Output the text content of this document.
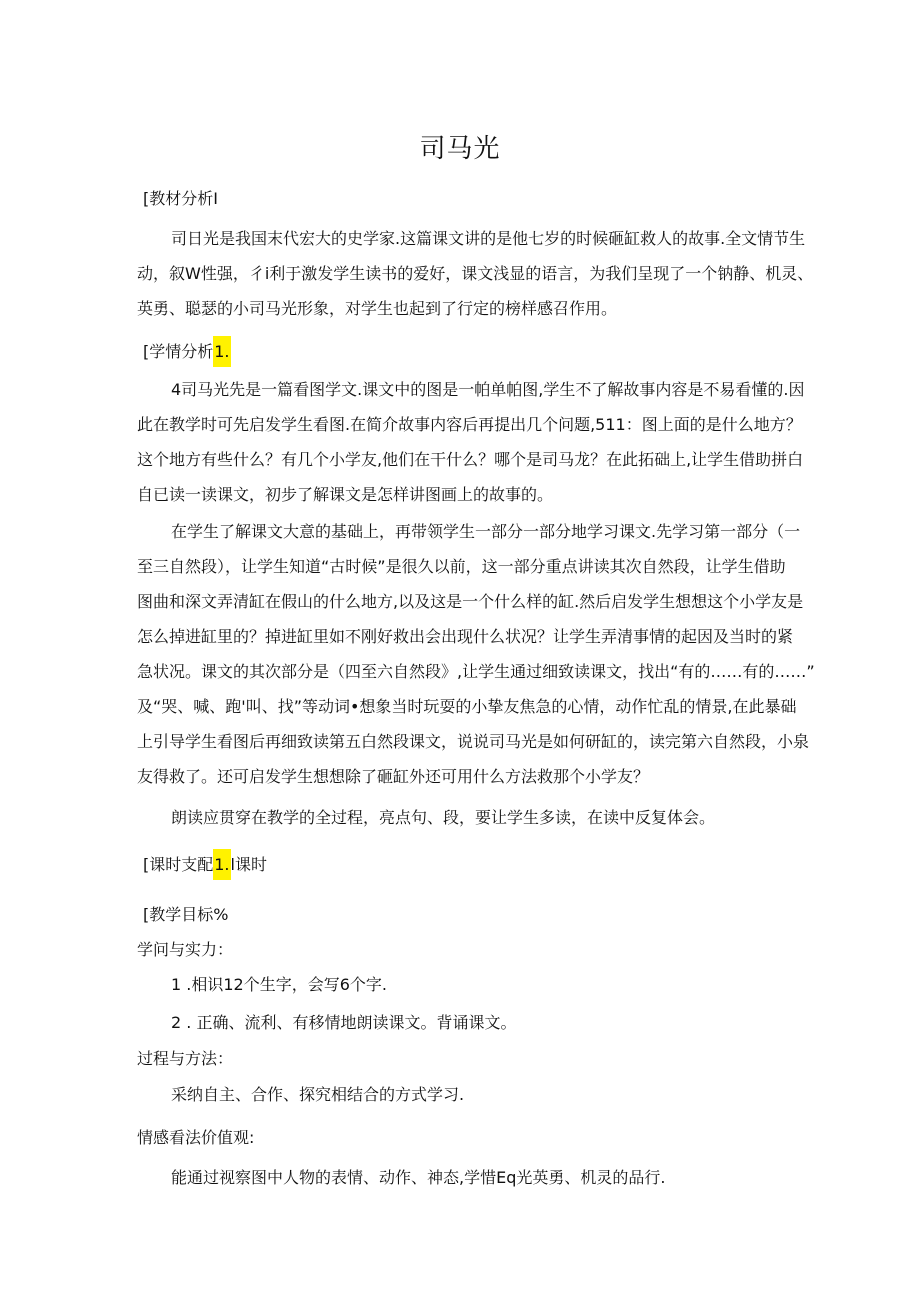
司马光
[教材分析I
司日光是我国末代宏大的史学家.这篇课文讲的是他七岁的时候砸缸救人的故事.全文情节生
动，叙W性强，彳i利于激发学生读书的爱好，课文浅显的语言，为我们呈现了一个钠静、机灵、
英勇、聪瑟的小司马光形象，对学生也起到了行定的榜样感召作用。
[学情分析1.
4司马光先是一篇看图学文.课文中的图是一帕单帕图,学生不了解故事内容是不易看懂的.因
此在教学时可先启发学生看图.在简介故事内容后再提出几个问题,511：图上面的是什么地方？
这个地方有些什么？有几个小学友,他们在干什么？哪个是司马龙？在此拓础上,让学生借助拼白
自已读一读课文，初步了解课文是怎样讲图画上的故事的。
在学生了解课文大意的基础上，再带领学生一部分一部分地学习课文.先学习第一部分（一
至三自然段），让学生知道“古时候”是很久以前，这一部分重点讲读其次自然段，让学生借助
图曲和深文弄清缸在假山的什么地方,以及这是一个什么样的缸.然后启发学生想想这个小学友是
怎么掉进缸里的？掉进缸里如不刚好救出会出现什么状况？让学生弄清事情的起因及当时的紧
急状况。课文的其次部分是（四至六自然段》,让学生通过细致读课文，找出“有的……有的……”
及“哭、喊、跑'叫、找”等动词•想象当时玩耍的小挚友焦急的心情，动作忙乱的情景,在此暴础
上引导学生看图后再细致读第五白然段课文，说说司马光是如何研缸的，读完第六自然段，小泉
友得救了。还可启发学生想想除了砸缸外还可用什么方法救那个小学友？
朗读应贯穿在教学的全过程，亮点句、段，要让学生多读，在读中反复体会。
[课时支配1.l课时
[教学目标%
学问与实力：
1 .相识12个生字，会写6个字.
2 . 正确、流利、有移情地朗读课文。背诵课文。
过程与方法：
采纳自主、合作、探究相结合的方式学习.
情感看法价值观:
能通过视察图中人物的表情、动作、神态,学惜Eq光英勇、机灵的品行.
